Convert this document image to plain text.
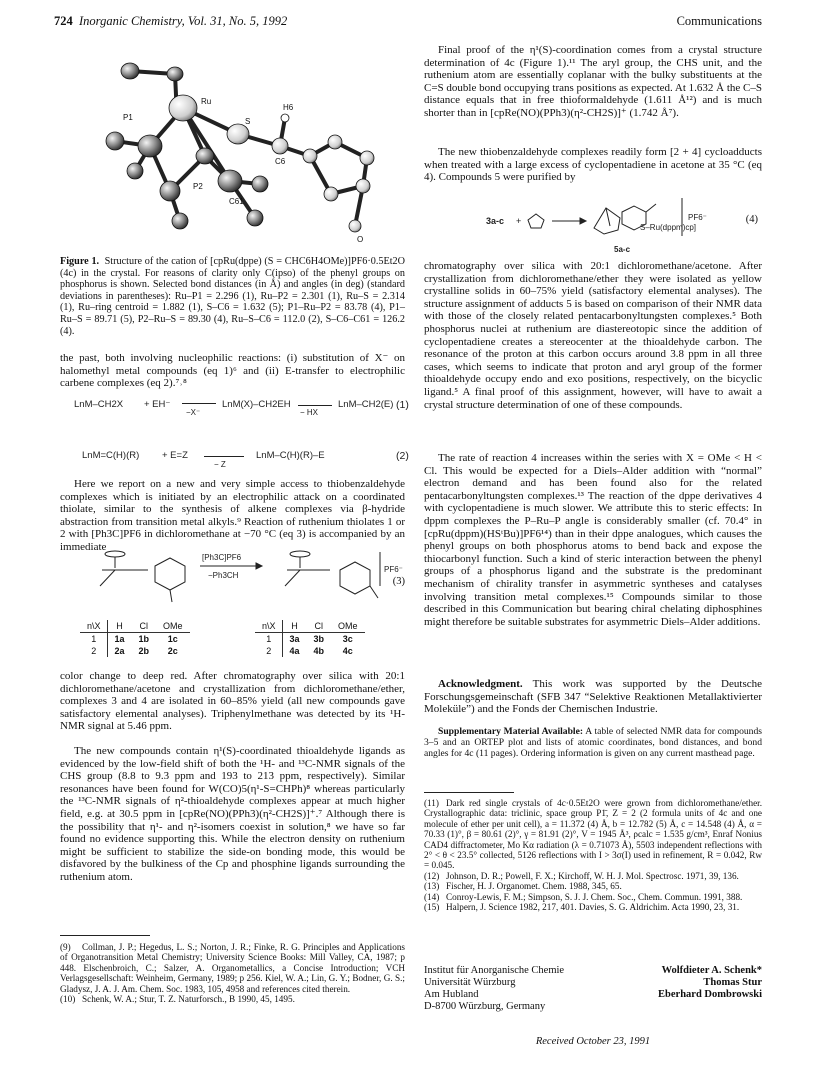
724 Inorganic Chemistry, Vol. 31, No. 5, 1992	Communications
Ru
H6
S
P1
C6
C61
P2
O

Figure 1. Structure of the cation of [cpRu(dppe) (S = CHC6H4OMe)]PF6·0.5Et2O (4c) in the crystal. For reasons of clarity only C(ipso) of the phenyl groups on phosphorus is shown. Selected bond distances (in Å) and angles (in deg) (standard deviations in parentheses): Ru–P1 = 2.296 (1), Ru–P2 = 2.301 (1), Ru–S = 2.314 (1), Ru–ring centroid = 1.882 (1), S–C6 = 1.632 (5); P1–Ru–P2 = 83.78 (4), P1–Ru–S = 89.71 (5), P2–Ru–S = 89.30 (4), Ru–S–C6 = 112.0 (2), S–C6–C61 = 126.2 (4).

the past, both involving nucleophilic reactions: (i) substitution of X⁻ on halomethyl metal compounds (eq 1)⁶ and (ii) E-transfer to electrophilic carbene complexes (eq 2).⁷˒⁸

LnM–CH2X + EH⁻

−X⁻
LnM(X)–CH2EH

− HX
LnM–CH2(E) (1)
LnM=C(H)(R) + E=Z

− Z
LnM–C(H)(R)–E	(2)

Here we report on a new and very simple access to thiobenzaldehyde complexes which is initiated by an electrophilic attack on a coordinated thiolate, similar to the synthesis of alkene complexes via β-hydride abstraction from transition metal alkyls.⁹ Reaction of ruthenium thiolates 1 or 2 with [Ph3C]PF6 in dichloromethane at −70 °C (eq 3) is accompanied by an immediate

[Ph3C]PF6
−Ph3CH
PF6⁻
(3)
n\X	H	Cl	OMe
1	1a	1b	1c
2	2a	2b	2c
n\X	H	Cl	OMe
1	3a	3b	3c
2	4a	4b	4c

color change to deep red. After chromatography over silica with 20:1 dichloromethane/acetone and crystallization from dichloromethane/ether, complexes 3 and 4 are isolated in 60–85% yield (all new compounds gave satisfactory elemental analyses). Triphenylmethane was detected by its ¹H-NMR signal at 5.46 ppm.

The new compounds contain η¹(S)-coordinated thioaldehyde ligands as evidenced by the low-field shift of both the ¹H- and ¹³C-NMR signals of the CHS group (8.8 to 9.3 ppm and 193 to 213 ppm, respectively). Similar resonances have been found for W(CO)5(η¹-S=CHPh)⁸ whereas particularly the ¹³C-NMR signals of η²-thioaldehyde complexes appear at much higher field, e.g. at 30.5 ppm in [cpRe(NO)(PPh3)(η²-CH2S)]⁺.⁷ Although there is the possibility that η¹- and η²-isomers coexist in solution,⁸ we have so far found no evidence supporting this. While the electron density on ruthenium might be sufficient to stabilize the side-on bonding mode, this would be disfavored by the bulkiness of the Cp and phosphine ligands surrounding the ruthenium atom.

(9) Collman, J. P.; Hegedus, L. S.; Norton, J. R.; Finke, R. G. Principles and Applications of Organotransition Metal Chemistry; University Science Books: Mill Valley, CA, 1987; p 448. Elschenbroich, C.; Salzer, A. Organometallics, a Concise Introduction; VCH Verlagsgesellschaft: Weinheim, Germany, 1989; p 256. Kiel, W. A.; Lin, G. Y.; Bodner, G. S.; Gladysz, J. A. J. Am. Chem. Soc. 1983, 105, 4958 and references cited therein.

(10) Schenk, W. A.; Stur, T. Z. Naturforsch., B 1990, 45, 1495.

Final proof of the η¹(S)-coordination comes from a crystal structure determination of 4c (Figure 1).¹¹ The aryl group, the CHS unit, and the ruthenium atom are essentially coplanar with the bulky substituents at the C=S double bond occupying trans positions as expected. At 1.632 Å the C–S distance equals that in free thioformaldehyde (1.611 Å¹²) and is much shorter than in [cpRe(NO)(PPh3)(η²-CH2S)]⁺ (1.742 Å⁷).

The new thiobenzaldehyde complexes readily form [2 + 4] cycloadducts when treated with a large excess of cyclopentadiene in acetone at 35 °C (eq 4). Compounds 5 were purified by

3a-c +
S–Ru(dppm)cp]
PF6⁻
5a-c
(4)

chromatography over silica with 20:1 dichloromethane/acetone. After crystallization from dichloromethane/ether they were isolated as yellow crystalline solids in 60–75% yield (satisfactory elemental analyses). The structure assignment of adducts 5 is based on comparison of their NMR data with those of the closely related pentacarbonyltungsten complexes.⁵ Both phosphorus nuclei at ruthenium are diastereotopic since the addition of cyclopentadiene creates a stereocenter at the thioaldehyde carbon. The resonance of the proton at this carbon occurs around 3.8 ppm in all three cases, which seems to indicate that proton and aryl group of the former thioaldehyde occupy endo and exo positions, respectively, on the bicyclic ligand.⁵ A final proof of this assignment, however, will have to await a crystal structure determination of one of these compounds.

The rate of reaction 4 increases within the series with X = OMe < H < Cl. This would be expected for a Diels–Alder addition with “normal” electron demand and has been found also for the related pentacarbonyltungsten complexes.¹³ The reaction of the dppe derivatives 4 with cyclopentadiene is much slower. We attribute this to steric effects: In dppm complexes the P–Ru–P angle is considerably smaller (cf. 70.4° in [cpRu(dppm)(HSᵗBu)]PF6¹⁴) than in their dppe analogues, which causes the phenyl groups on both phosphorus atoms to bend back and expose the thiocarbonyl function. Such a kind of steric interaction between the phenyl groups of a phosphorus ligand and the substrate is the predominant mechanism of chirality transfer in asymmetric syntheses and catalyses involving transition metal complexes.¹⁵ Compounds similar to those described in this Communication but bearing chiral chelating diphosphines might therefore be suitable substrates for asymmetric Diels–Alder additions.

Acknowledgment. This work was supported by the Deutsche Forschungsgemeinschaft (SFB 347 “Selektive Reaktionen Metallaktivierter Moleküle”) and the Fonds der Chemischen Industrie.

Supplementary Material Available: A table of selected NMR data for compounds 3–5 and an ORTEP plot and lists of atomic coordinates, bond distances, and bond angles for 4c (11 pages). Ordering information is given on any current masthead page.

(11) Dark red single crystals of 4c·0.5Et2O were grown from dichloromethane/ether. Crystallographic data: triclinic, space group P1̄, Z = 2 (2 formula units of 4c and one molecule of ether per unit cell), a = 11.372 (4) Å, b = 12.782 (5) Å, c = 14.548 (4) Å, α = 70.33 (1)°, β = 80.61 (2)°, γ = 81.91 (2)°, V = 1945 Å³, ρcalc = 1.535 g/cm³, Enraf Nonius CAD4 diffractometer, Mo Kα radiation (λ = 0.71073 Å), 5503 independent reflections with 2° < θ < 23.5° collected, 5126 reflections with I > 3σ(I) used in refinement, R = 0.042, Rw = 0.045.

(12) Johnson, D. R.; Powell, F. X.; Kirchoff, W. H. J. Mol. Spectrosc. 1971, 39, 136.

(13) Fischer, H. J. Organomet. Chem. 1988, 345, 65.

(14) Conroy-Lewis, F. M.; Simpson, S. J. J. Chem. Soc., Chem. Commun. 1991, 388.

(15) Halpern, J. Science 1982, 217, 401. Davies, S. G. Aldrichim. Acta 1990, 23, 31.

Institut für Anorganische Chemie
Universität Würzburg
Am Hubland
D-8700 Würzburg, Germany
Wolfdieter A. Schenk*
Thomas Stur
Eberhard Dombrowski
Received October 23, 1991
